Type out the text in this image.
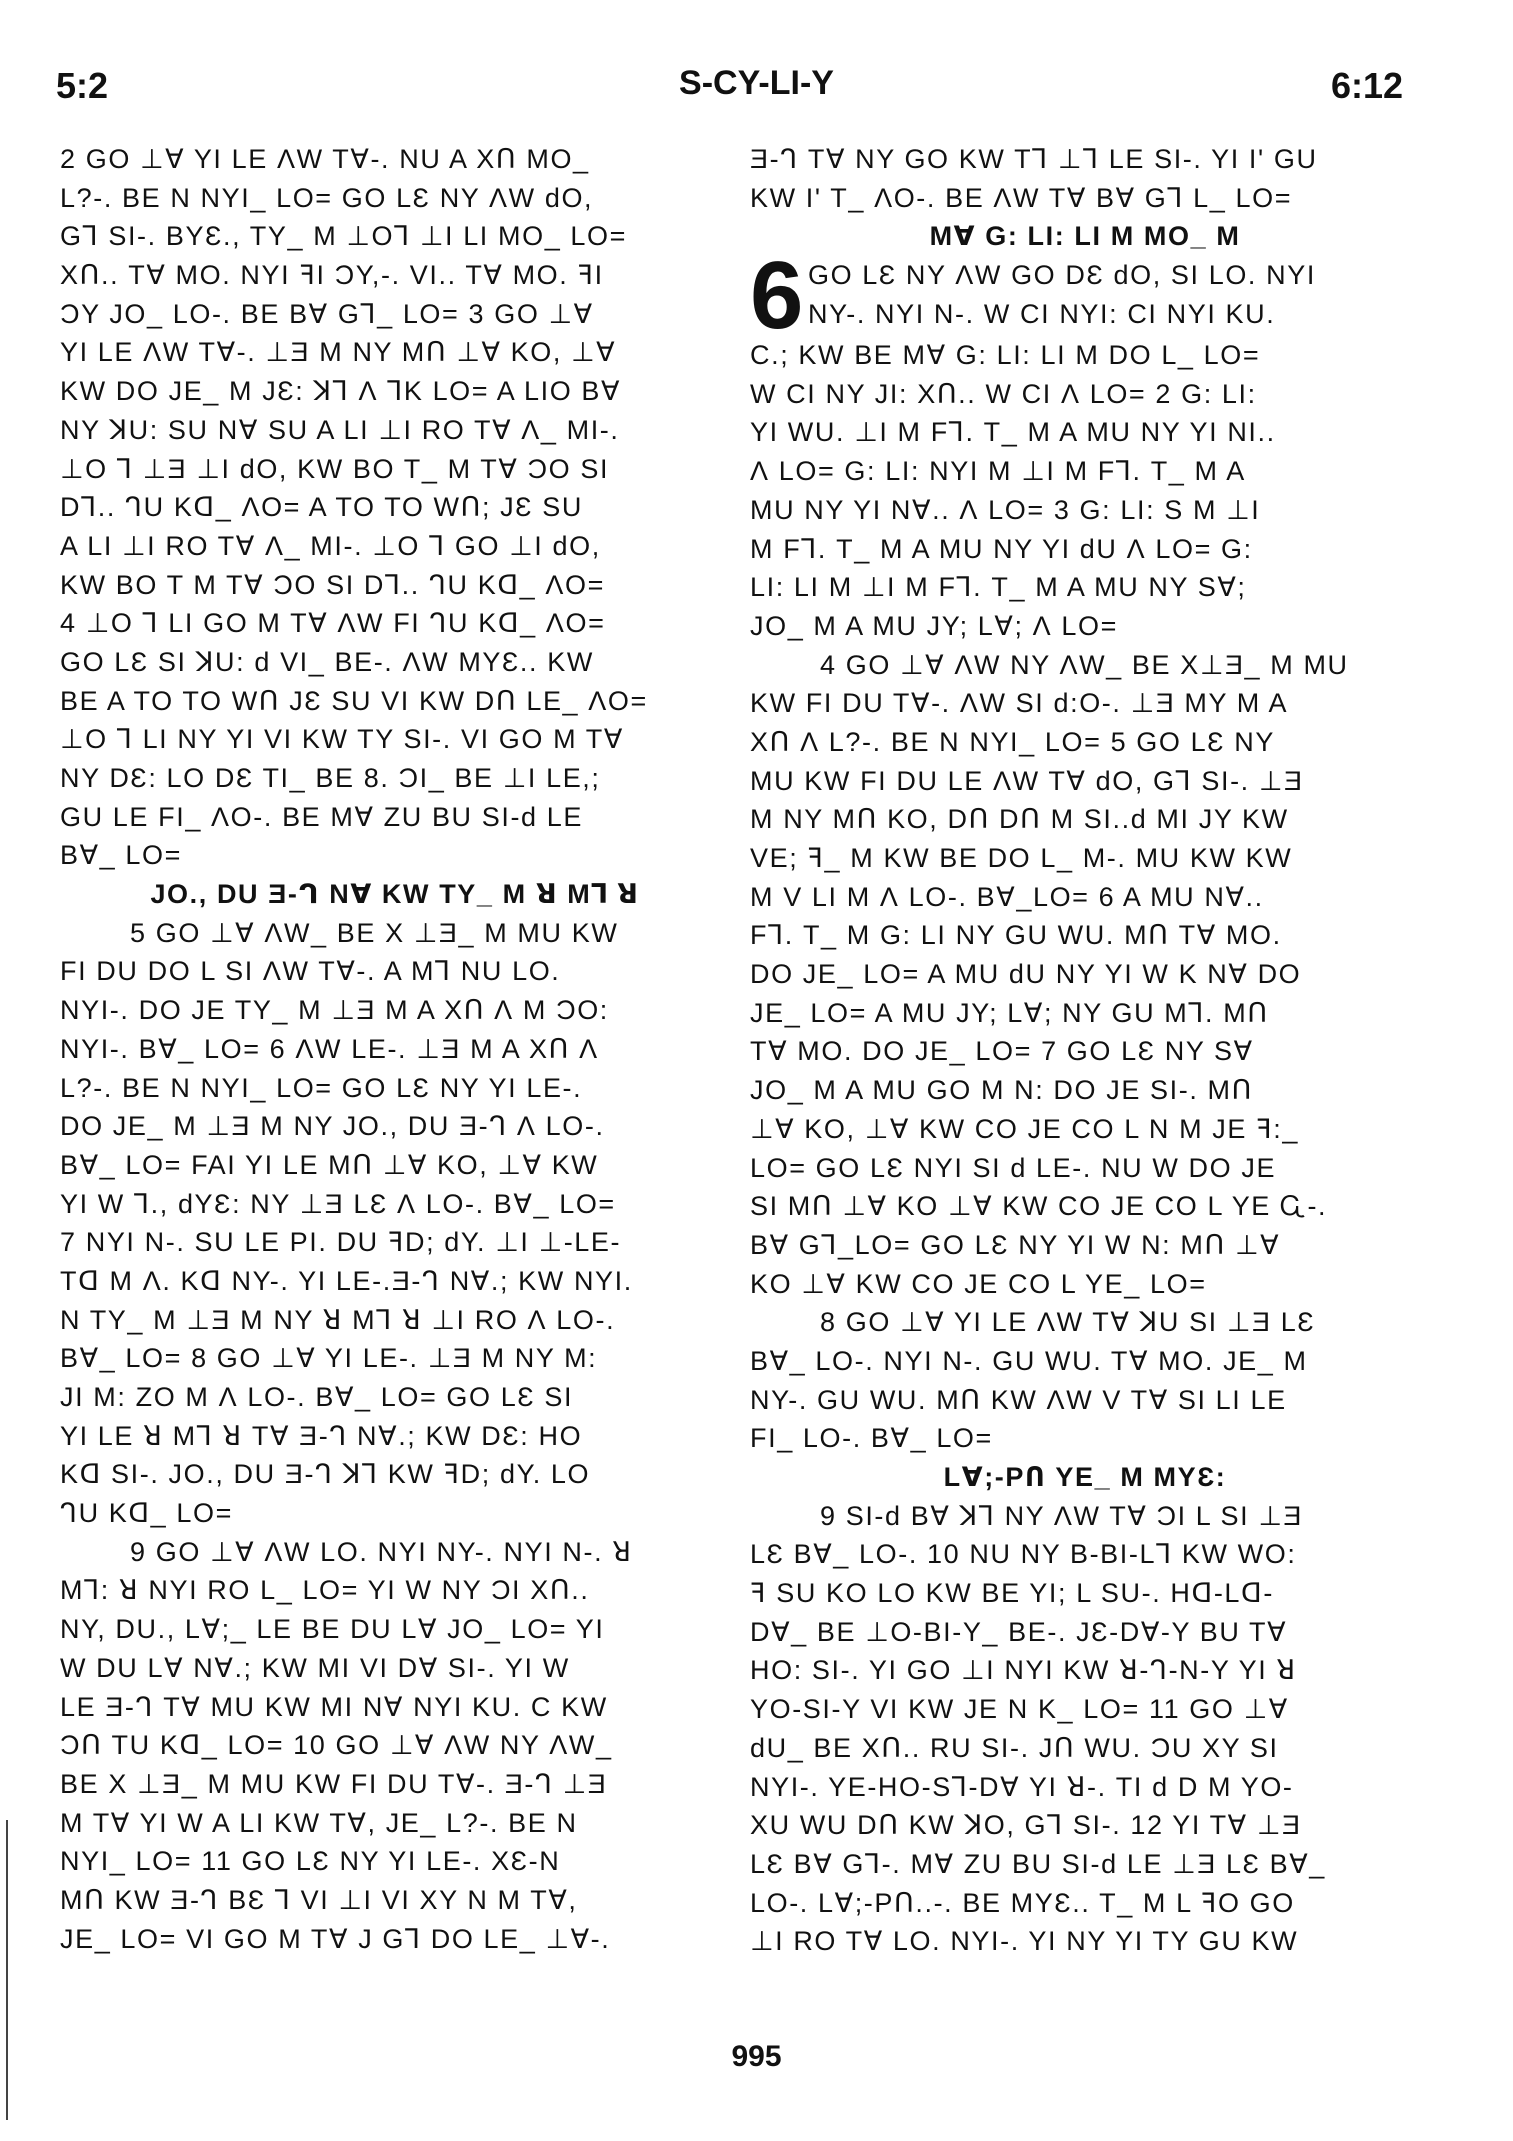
5:2	S-CY-LI-Y	6:12
2 GO ⊥Ɐ YI LE ɅW TⱯ-. NU A XՈ MO_
L?-. BE N NYI_ LO= GO LƐ NY ɅW dO,
Gꓶ SI-. BYƐ., TY_ M ⊥Oꓶ ⊥I LI MO_ LO=
XՈ.. TⱯ MO. NYI ꟻI ƆY,-. VI.. TⱯ MO. ꟻI
ƆY JO_ LO-. BE BⱯ Gꓶ_ LO= 3 GO ⊥Ɐ
YI LE ɅW TⱯ-. ⊥Ǝ M NY MՈ ⊥Ɐ KO, ⊥Ɐ
KW DO JE_ M JƐ: ꓘꓶ Ʌ ꓶK LO= A LIO BⱯ
NY ꓘU: SU NⱯ SU A LI ⊥I RO TⱯ Ʌ_ MI-.
⊥O ꓶ ⊥Ǝ ⊥I dO, KW BO T_ M TⱯ ƆO SI
Dꓶ.. ᒉU Kꓷ_ ɅO= A TO TO WՈ; JƐ SU
A LI ⊥I RO TⱯ Ʌ_ MI-. ⊥O ꓶ GO ⊥I dO,
KW BO T M TⱯ ƆO SI Dꓶ.. ᒉU Kꓷ_ ɅO=
4 ⊥O ꓶ LI GO M TⱯ ɅW FI ᒉU Kꓷ_ ɅO=
GO LƐ SI ꓘU: d VI_ BE-. ɅW MYƐ.. KW
BE A TO TO WՈ JƐ SU VI KW DՈ LE_ ɅO=
⊥O ꓶ LI NY YI VI KW TY SI-. VI GO M TⱯ
NY DƐ: LO DƐ TI_ BE 8. ƆI_ BE ⊥I LE,;
GU LE FI_ ɅO-. BE MⱯ ZU BU SI-d LE
BⱯ_ LO=
JO., DU Ǝ-ᒉ NⱯ KW TY_ M ꓤ Mꓶ ꓤ
5 GO ⊥Ɐ ɅW_ BE X ⊥Ǝ_ M MU KW
FI DU DO L SI ɅW TⱯ-. A Mꓶ NU LO.
NYI-. DO JE TY_ M ⊥Ǝ M A XՈ Ʌ M ƆO:
NYI-. BⱯ_ LO= 6 ɅW LE-. ⊥Ǝ M A XՈ Ʌ
L?-. BE N NYI_ LO= GO LƐ NY YI LE-.
DO JE_ M ⊥Ǝ M NY JO., DU Ǝ-ᒉ Ʌ LO-.
BⱯ_ LO= FAI YI LE MՈ ⊥Ɐ KO, ⊥Ɐ KW
YI W ꓶ., dYƐ: NY ⊥Ǝ LƐ Ʌ LO-. BⱯ_ LO=
7 NYI N-. SU LE PI. DU ꟻD; dY. ⊥I ⊥-LE-
Tꓷ M Ʌ. Kꓷ NY-. YI LE-.Ǝ-ᒉ NⱯ.; KW NYI.
N TY_ M ⊥Ǝ M NY ꓤ Mꓶ ꓤ ⊥I RO Ʌ LO-.
BⱯ_ LO= 8 GO ⊥Ɐ YI LE-. ⊥Ǝ M NY M:
JI M: ZO M Ʌ LO-. BⱯ_ LO= GO LƐ SI
YI LE ꓤ Mꓶ ꓤ TⱯ Ǝ-ᒉ NⱯ.; KW DƐ: HO
Kꓷ SI-. JO., DU Ǝ-ᒉ ꓘꓶ KW ꟻD; dY. LO
ᒉU Kꓷ_ LO=
9 GO ⊥Ɐ ɅW LO. NYI NY-. NYI N-. ꓤ
Mꓶ: ꓤ NYI RO L_ LO= YI W NY ƆI XՈ..
NY, DU., LⱯ;_ LE BE DU LⱯ JO_ LO= YI
W DU LⱯ NⱯ.; KW MI VI DⱯ SI-. YI W
LE Ǝ-ᒉ TⱯ MU KW MI NⱯ NYI KU. C KW
ƆՈ TU Kꓷ_ LO= 10 GO ⊥Ɐ ɅW NY ɅW_
BE X ⊥Ǝ_ M MU KW FI DU TⱯ-. Ǝ-ᒉ ⊥Ǝ
M TⱯ YI W A LI KW TⱯ, JE_ L?-. BE N
NYI_ LO= 11 GO LƐ NY YI LE-. XƐ-N
MՈ KW Ǝ-ᒉ BƐ ꓶ VI ⊥I VI XY N M TⱯ,
JE_ LO= VI GO M TⱯ J Gꓶ DO LE_ ⊥Ɐ-.
Ǝ-ᒉ TⱯ NY GO KW Tꓶ ⊥ꓶ LE SI-. YI I' GU
KW I' T_ ɅO-. BE ɅW TⱯ BⱯ Gꓶ L_ LO=
MⱯ G: LI: LI M MO_ M
6 GO LƐ NY ɅW GO DƐ dO, SI LO. NYI
NY-. NYI N-. W CI NYI: CI NYI KU.
C.; KW BE MⱯ G: LI: LI M DO L_ LO=
W CI NY JI: XՈ.. W CI Ʌ LO= 2 G: LI:
YI WU. ⊥I M Fꓶ. T_ M A MU NY YI NI..
Ʌ LO= G: LI: NYI M ⊥I M Fꓶ. T_ M A
MU NY YI NⱯ.. Ʌ LO= 3 G: LI: S M ⊥I
M Fꓶ. T_ M A MU NY YI dU Ʌ LO= G:
LI: LI M ⊥I M Fꓶ. T_ M A MU NY SⱯ;
JO_ M A MU JY; LⱯ; Ʌ LO=
4 GO ⊥Ɐ ɅW NY ɅW_ BE X⊥Ǝ_ M MU
KW FI DU TⱯ-. ɅW SI d:O-. ⊥Ǝ MY M A
XՈ Ʌ L?-. BE N NYI_ LO= 5 GO LƐ NY
MU KW FI DU LE ɅW TⱯ dO, Gꓶ SI-. ⊥Ǝ
M NY MՈ KO, DՈ DՈ M SI..d MI JY KW
VE; ꟻ_ M KW BE DO L_ M-. MU KW KW
M V LI M Ʌ LO-. BⱯ_LO= 6 A MU NⱯ..
Fꓶ. T_ M G: LI NY GU WU. MՈ TⱯ MO.
DO JE_ LO= A MU dU NY YI W K NⱯ DO
JE_ LO= A MU JY; LⱯ; NY GU Mꓶ. MՈ
TⱯ MO. DO JE_ LO= 7 GO LƐ NY SⱯ
JO_ M A MU GO M N: DO JE SI-. MՈ
⊥Ɐ KO, ⊥Ɐ KW CO JE CO L N M JE ꟻ:_
LO= GO LƐ NYI SI d LE-. NU W DO JE
SI MՈ ⊥Ɐ KO ⊥Ɐ KW CO JE CO L YE Ꮹ-.
BⱯ Gꓶ_LO= GO LƐ NY YI W N: MՈ ⊥Ɐ
KO ⊥Ɐ KW CO JE CO L YE_ LO=
8 GO ⊥Ɐ YI LE ɅW TⱯ ꓘU SI ⊥Ǝ LƐ
BⱯ_ LO-. NYI N-. GU WU. TⱯ MO. JE_ M
NY-. GU WU. MՈ KW ɅW V TⱯ SI LI LE
FI_ LO-. BⱯ_ LO=
LⱯ;-PՈ YE_ M MYƐ:
9 SI-d BⱯ ꓘꓶ NY ɅW TⱯ ƆI L SI ⊥Ǝ
LƐ BⱯ_ LO-. 10 NU NY B-BI-Lꓶ KW WO:
ꟻ SU KO LO KW BE YI; L SU-. Hꓷ-Lꓷ-
DⱯ_ BE ⊥O-BI-Y_ BE-. JƐ-DⱯ-Y BU TⱯ
HO: SI-. YI GO ⊥I NYI KW ꓤ-ᒉ-N-Y YI ꓤ
YO-SI-Y VI KW JE N K_ LO= 11 GO ⊥Ɐ
dU_ BE XՈ.. RU SI-. JՈ WU. ƆU XY SI
NYI-. YE-HO-Sꓶ-DⱯ YI ꓤ-. TI d D M YO-
XU WU DՈ KW ꓘO, Gꓶ SI-. 12 YI TⱯ ⊥Ǝ
LƐ BⱯ Gꓶ-. MⱯ ZU BU SI-d LE ⊥Ǝ LƐ BⱯ_
LO-. LⱯ;-PՈ..-. BE MYƐ.. T_ M L ꟻO GO
⊥I RO TⱯ LO. NYI-. YI NY YI TY GU KW
995
